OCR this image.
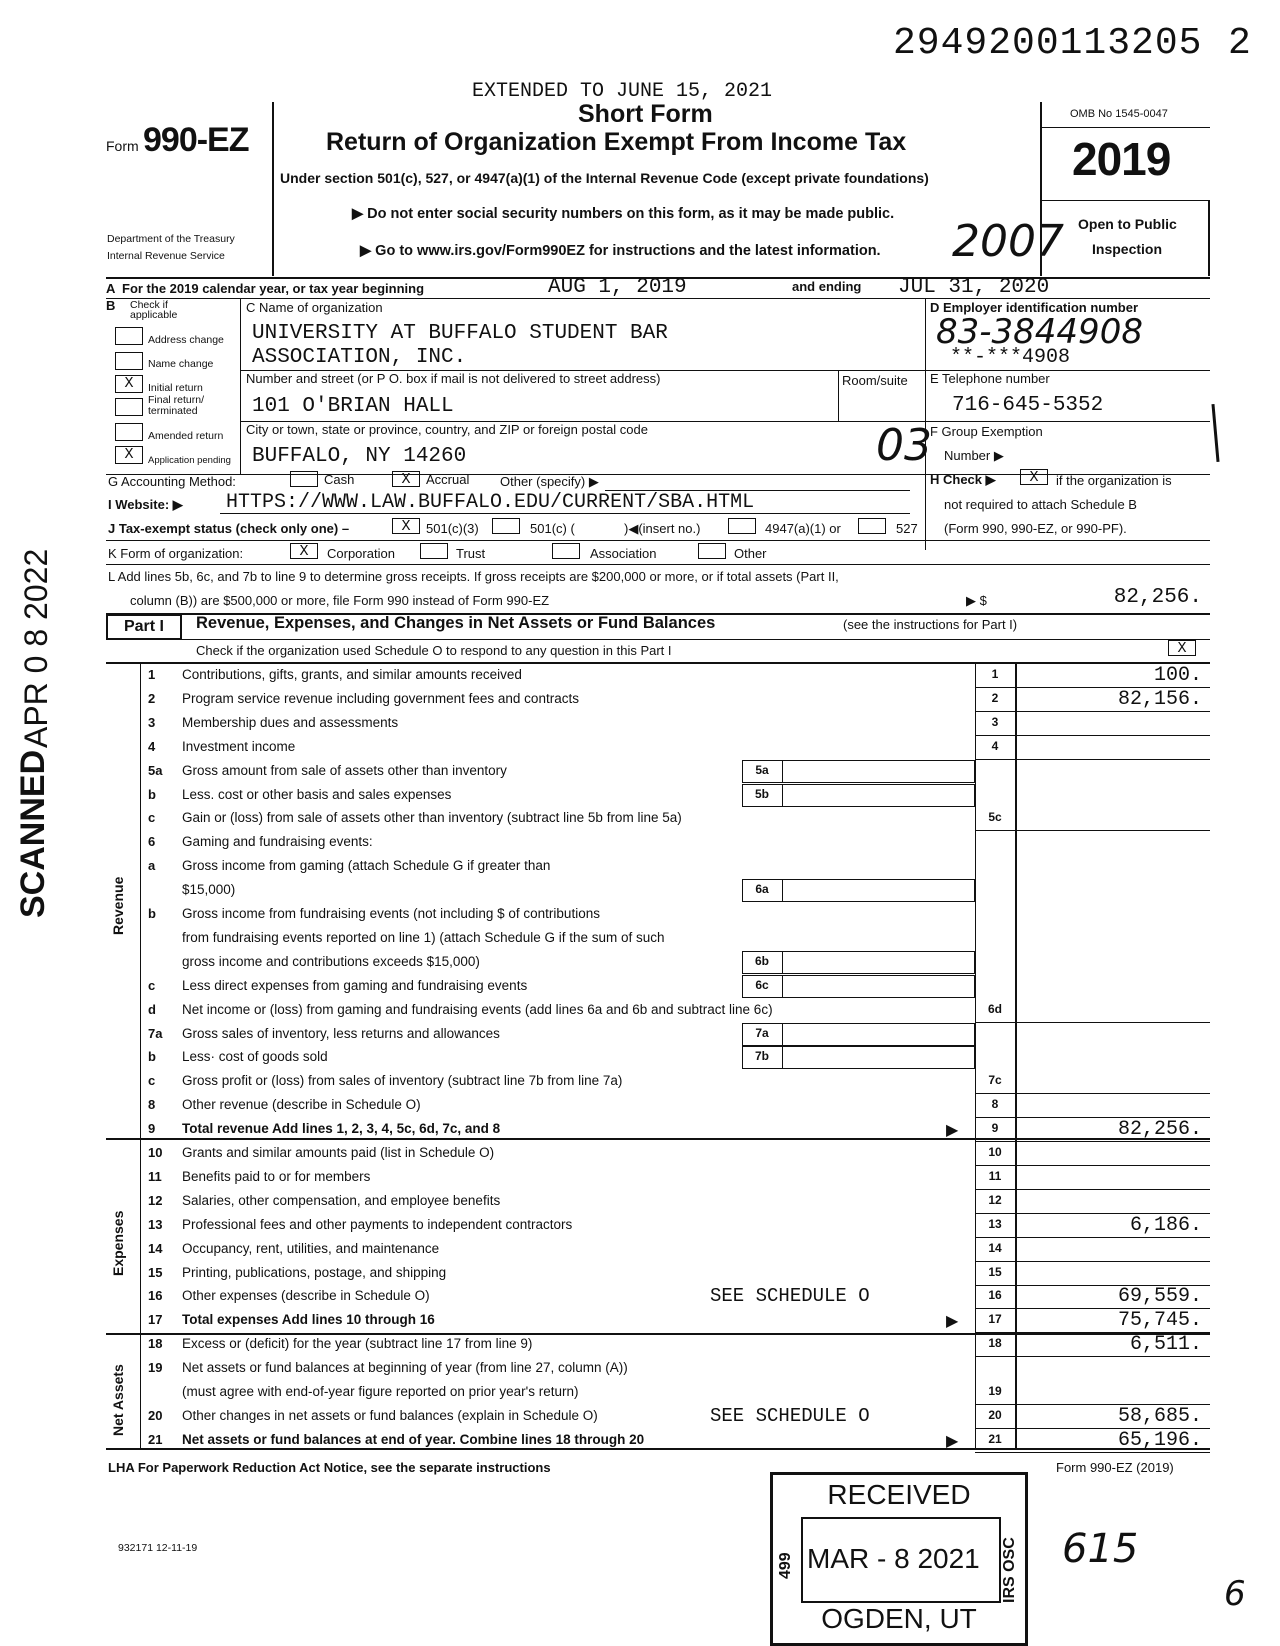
2949200113205 2
EXTENDED TO JUNE 15, 2021
Short Form
Return of Organization Exempt From Income Tax
Under section 501(c), 527, or 4947(a)(1) of the Internal Revenue Code (except private foundations)
▶ Do not enter social security numbers on this form, as it may be made public.
▶ Go to www.irs.gov/Form990EZ for instructions and the latest information.
Form 990-EZ
Department of the Treasury
Internal Revenue Service
OMB No 1545-0047
2019
Open to Public
Inspection
2007
A For the 2019 calendar year, or tax year beginning	AUG 1, 2019	and ending JUL 31, 2020
B Check if applicable
Address change
Name change
X	Initial return
Final return/ terminated
Amended return
X	Application pending
C Name of organization
UNIVERSITY AT BUFFALO STUDENT BAR
ASSOCIATION, INC.
Number and street (or P O. box if mail is not delivered to street address)	Room/suite
101 O'BRIAN HALL
City or town, state or province, country, and ZIP or foreign postal code
BUFFALO, NY 14260	03
D Employer identification number
83-3844908
**-***4908
E Telephone number
716-645-5352
F Group Exemption
Number ▶
G Accounting Method:	Cash	X	Accrual Other (specify) ▶	H Check ▶	X	if the organization is
not required to attach Schedule B
(Form 990, 990-EZ, or 990-PF).
I Website: ▶ HTTPS://WWW.LAW.BUFFALO.EDU/CURRENT/SBA.HTML
J Tax-exempt status (check only one) –	X	501(c)(3)	501(c) (	)◀(insert no.)	4947(a)(1) or	527
K Form of organization:	X	Corporation	Trust	Association	Other
L Add lines 5b, 6c, and 7b to line 9 to determine gross receipts. If gross receipts are $200,000 or more, or if total assets (Part II,
column (B)) are $500,000 or more, file Form 990 instead of Form 990-EZ	▶ $	82,256.
Part I	Revenue, Expenses, and Changes in Net Assets or Fund Balances	(see the instructions for Part I)
Check if the organization used Schedule O to respond to any question in this Part I	X
Revenue
Expenses
Net Assets
1 Contributions, gifts, grants, and similar amounts received	1	100.
2 Program service revenue including government fees and contracts	2	82,156.
3 Membership dues and assessments	3
4 Investment income	4
5a Gross amount from sale of assets other than inventory	5a
b Less. cost or other basis and sales expenses	5b
c Gain or (loss) from sale of assets other than inventory (subtract line 5b from line 5a)	5c
6 Gaming and fundraising events:
a Gross income from gaming (attach Schedule G if greater than
$15,000)	6a
b Gross income from fundraising events (not including $ of contributions
from fundraising events reported on line 1) (attach Schedule G if the sum of such
gross income and contributions exceeds $15,000)	6b
c Less direct expenses from gaming and fundraising events	6c
d Net income or (loss) from gaming and fundraising events (add lines 6a and 6b and subtract line 6c)	6d
7a Gross sales of inventory, less returns and allowances	7a
b Less· cost of goods sold	7b
c Gross profit or (loss) from sales of inventory (subtract line 7b from line 7a)	7c
8 Other revenue (describe in Schedule O)	8
9 Total revenue Add lines 1, 2, 3, 4, 5c, 6d, 7c, and 8	9	82,256.
▶
10 Grants and similar amounts paid (list in Schedule O)	10
11 Benefits paid to or for members	11
12 Salaries, other compensation, and employee benefits	12
13 Professional fees and other payments to independent contractors	13	6,186.
14 Occupancy, rent, utilities, and maintenance	14
15 Printing, publications, postage, and shipping	15
16 Other expenses (describe in Schedule O)	16	69,559.
SEE SCHEDULE O
17 Total expenses Add lines 10 through 16	17	75,745.
▶
18 Excess or (deficit) for the year (subtract line 17 from line 9)	18	6,511.
19 Net assets or fund balances at beginning of year (from line 27, column (A))
(must agree with end-of-year figure reported on prior year's return)	19
20 Other changes in net assets or fund balances (explain in Schedule O)	20	58,685.
SEE SCHEDULE O
21 Net assets or fund balances at end of year. Combine lines 18 through 20	21	65,196.
▶
LHA For Paperwork Reduction Act Notice, see the separate instructions	Form 990-EZ (2019)
932171 12-11-19
RECEIVED
MAR - 8 2021
OGDEN, UT
499	IRS OSC 615
6
SCANNED
APR 0 8 2022
